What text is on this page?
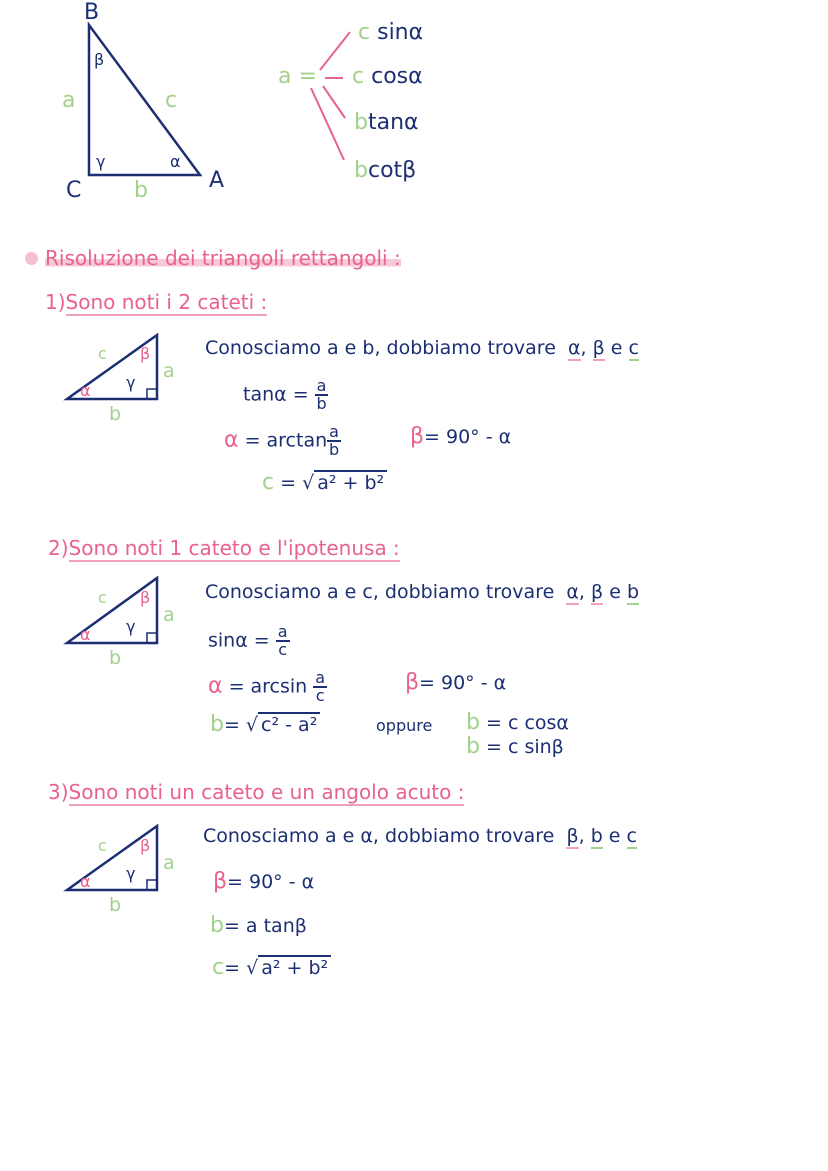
B
β
a	c
γ	α
A
C b
a =
c sinα
c cosα
btanα
bcotβ
Risoluzione dei triangoli rettangoli :
1)Sono noti i 2 cateti :
c β
a
α γ
b
Conosciamo a e b, dobbiamo trovare α, β e c
$\tan\alpha = \frac{a}{b}$
$\alpha = \arctan \frac{a}{b}$	β= 90° - α
c = √ a² + b²
2)Sono noti 1 cateto e l'ipotenusa :
c β
a
α γ
b
Conosciamo a e c, dobbiamo trovare α, β e b
$\sin\alpha = \frac{a}{c}$
$\alpha = \arcsin \frac{a}{c}$	β= 90° - α
b= √ c² - a²	oppure b = c cosα
b = c sinβ
3)Sono noti un cateto e un angolo acuto :
c β
a
α γ
b
Conosciamo a e α, dobbiamo trovare β, b e c
β= 90° - α
b= a tanβ
c= √ a² + b²
